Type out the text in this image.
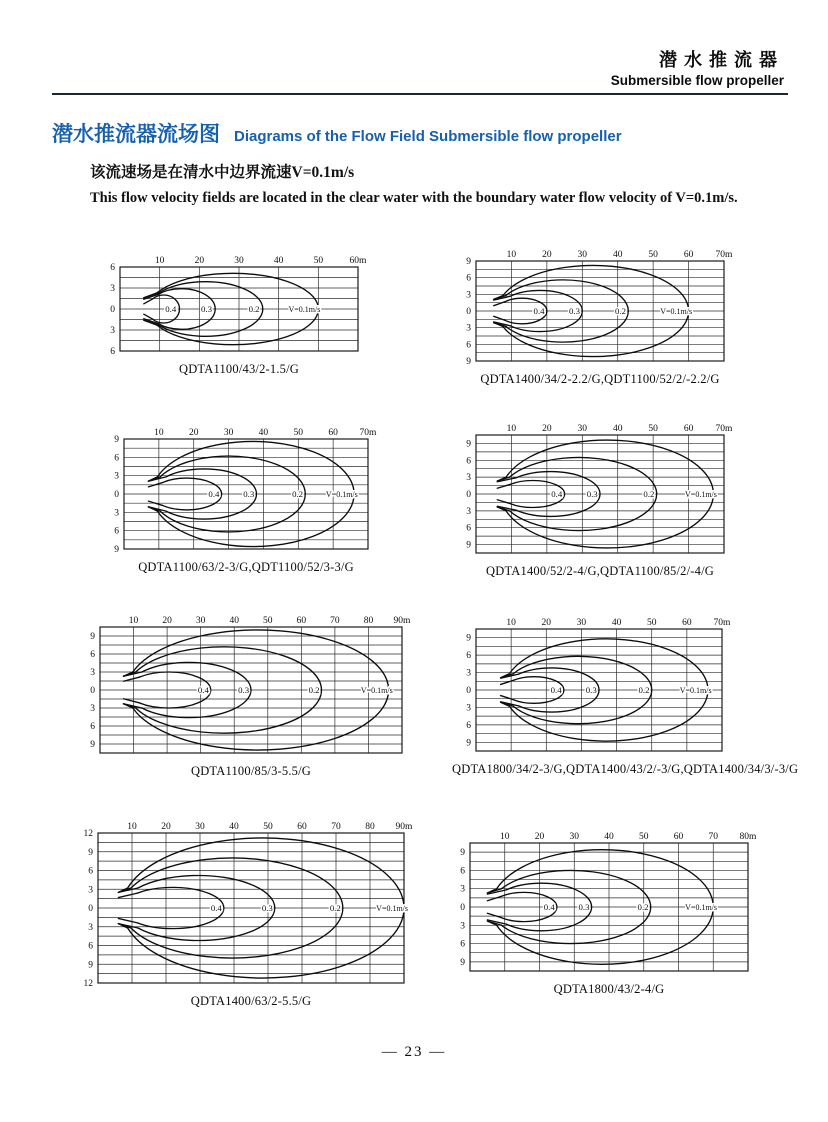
潜水推流器
Submersible flow propeller
潜水推流器流场图 Diagrams of the Flow Field Submersible flow propeller
该流速场是在清水中边界流速V=0.1m/s
This flow velocity fields are located in the clear water with the boundary water flow velocity of V=0.1m/s.
10	20	30	40	50	60m
6
3
0
3
6
0.4	0.3	0.2	V=0.1m/s
QDTA1100/43/2-1.5/G
10	20	30	40	50	60 70m
9
6
3
0
3
6
9
0.4	0.3	0.2	V=0.1m/s
QDTA1400/34/2-2.2/G,QDT1100/52/2/-2.2/G
10	20	30	40	50	60 70m
9
6
3
0
3
6
9
0.4	0.3	0.2	V=0.1m/s
QDTA1100/63/2-3/G,QDT1100/52/3-3/G
10	20	30	40	50	60 70m
9
6
3
0
3
6
9
0.4	0.3	0.2	V=0.1m/s
QDTA1400/52/2-4/G,QDTA1100/85/2/-4/G
10	20	30	40	50	60	70	80 90m
9
6
3
0
3
6
9
0.4	0.3	0.2	V=0.1m/s
QDTA1100/85/3-5.5/G
10	20	30	40	50	60 70m
9
6
3
0
3
6
9
0.4	0.3	0.2	V=0.1m/s
QDTA1800/34/2-3/G,QDTA1400/43/2/-3/G,QDTA1400/34/3/-3/G
10	20	30	40	50	60	70	80 90m
12
9
6
3
0
3
6
9
12
0.4	0.3	0.2	V=0.1m/s
QDTA1400/63/2-5.5/G
10	20	30	40	50	60	70 80m
9
6
3
0
3
6
9
0.4	0.3	0.2	V=0.1m/s
QDTA1800/43/2-4/G
— 23 —
